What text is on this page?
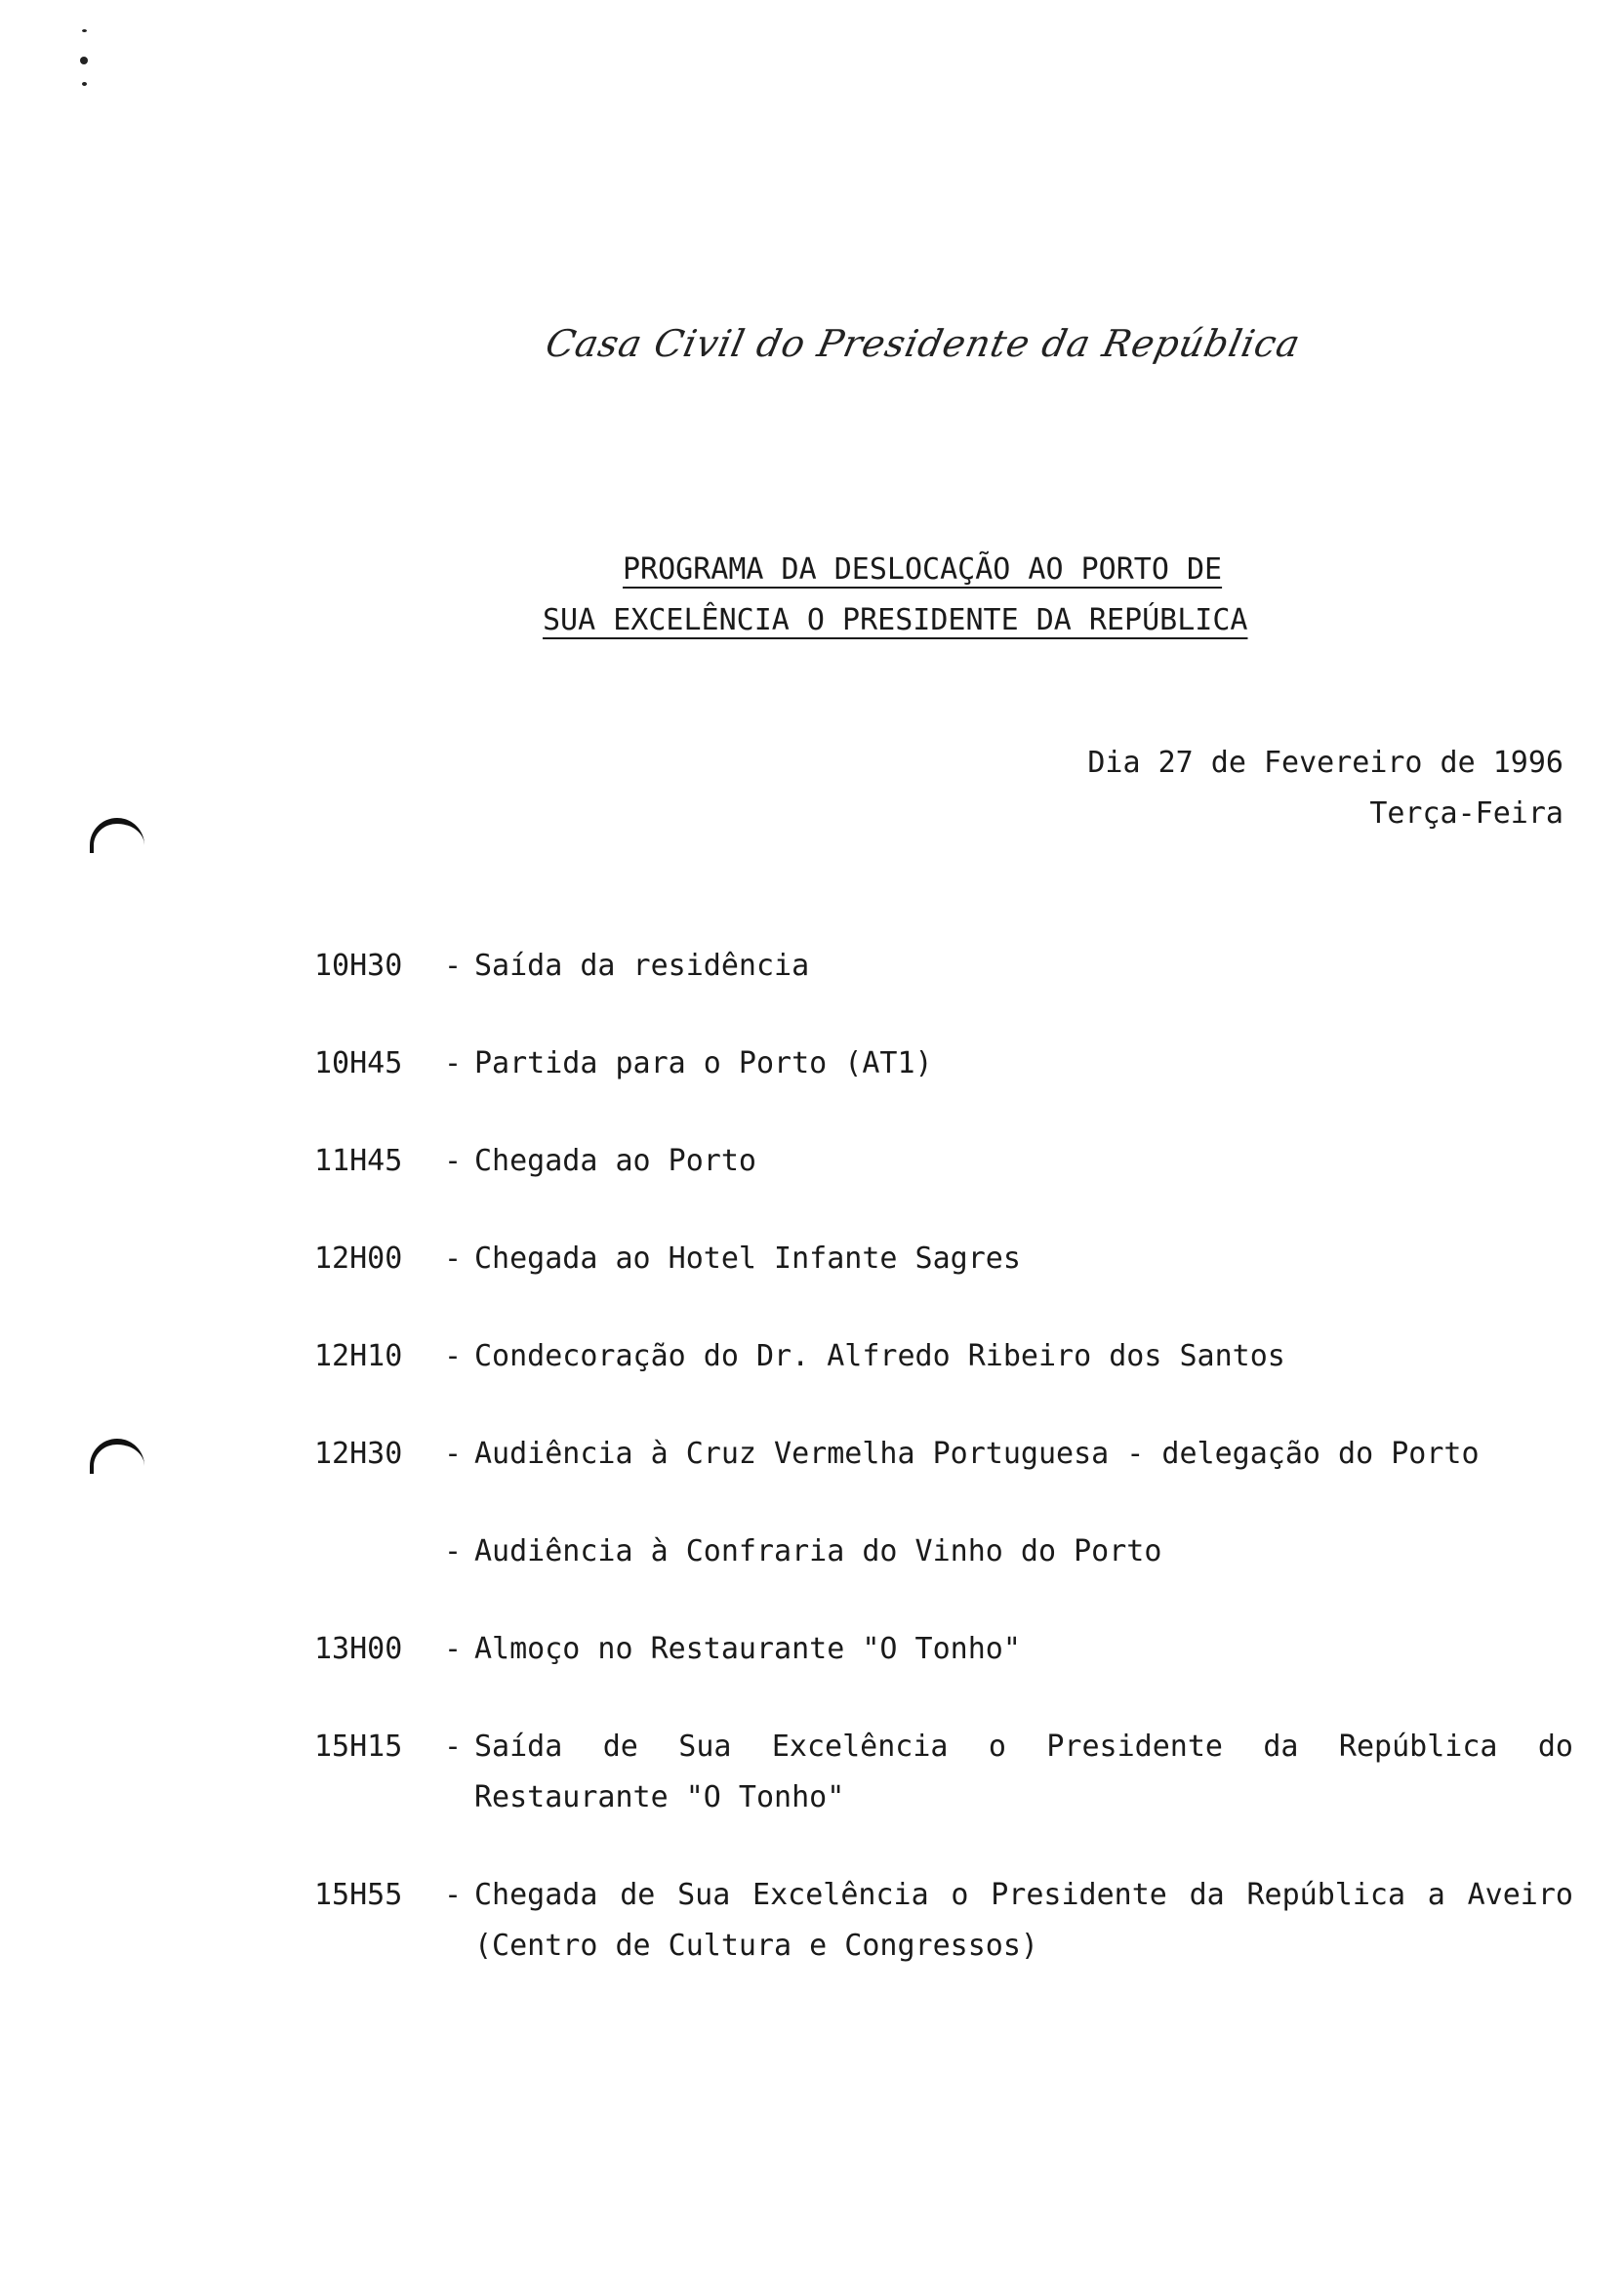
Casa Civil do Presidente da República
PROGRAMA DA DESLOCAÇÃO AO PORTO DE
SUA EXCELÊNCIA O PRESIDENTE DA REPÚBLICA
Dia 27 de Fevereiro de 1996
Terça-Feira
10H30	- Saída da residência
10H45	- Partida para o Porto (AT1)
11H45	- Chegada ao Porto
12H00	- Chegada ao Hotel Infante Sagres
12H10	- Condecoração do Dr. Alfredo Ribeiro dos Santos
12H30	- Audiência à Cruz Vermelha Portuguesa - delegação do Porto
- Audiência à Confraria do Vinho do Porto
13H00	- Almoço no Restaurante "O Tonho"
15H15	- Saída de Sua Excelência o Presidente da República do Restaurante "O Tonho"
15H55	- Chegada de Sua Excelência o Presidente da República a Aveiro (Centro de Cultura e Congressos)
